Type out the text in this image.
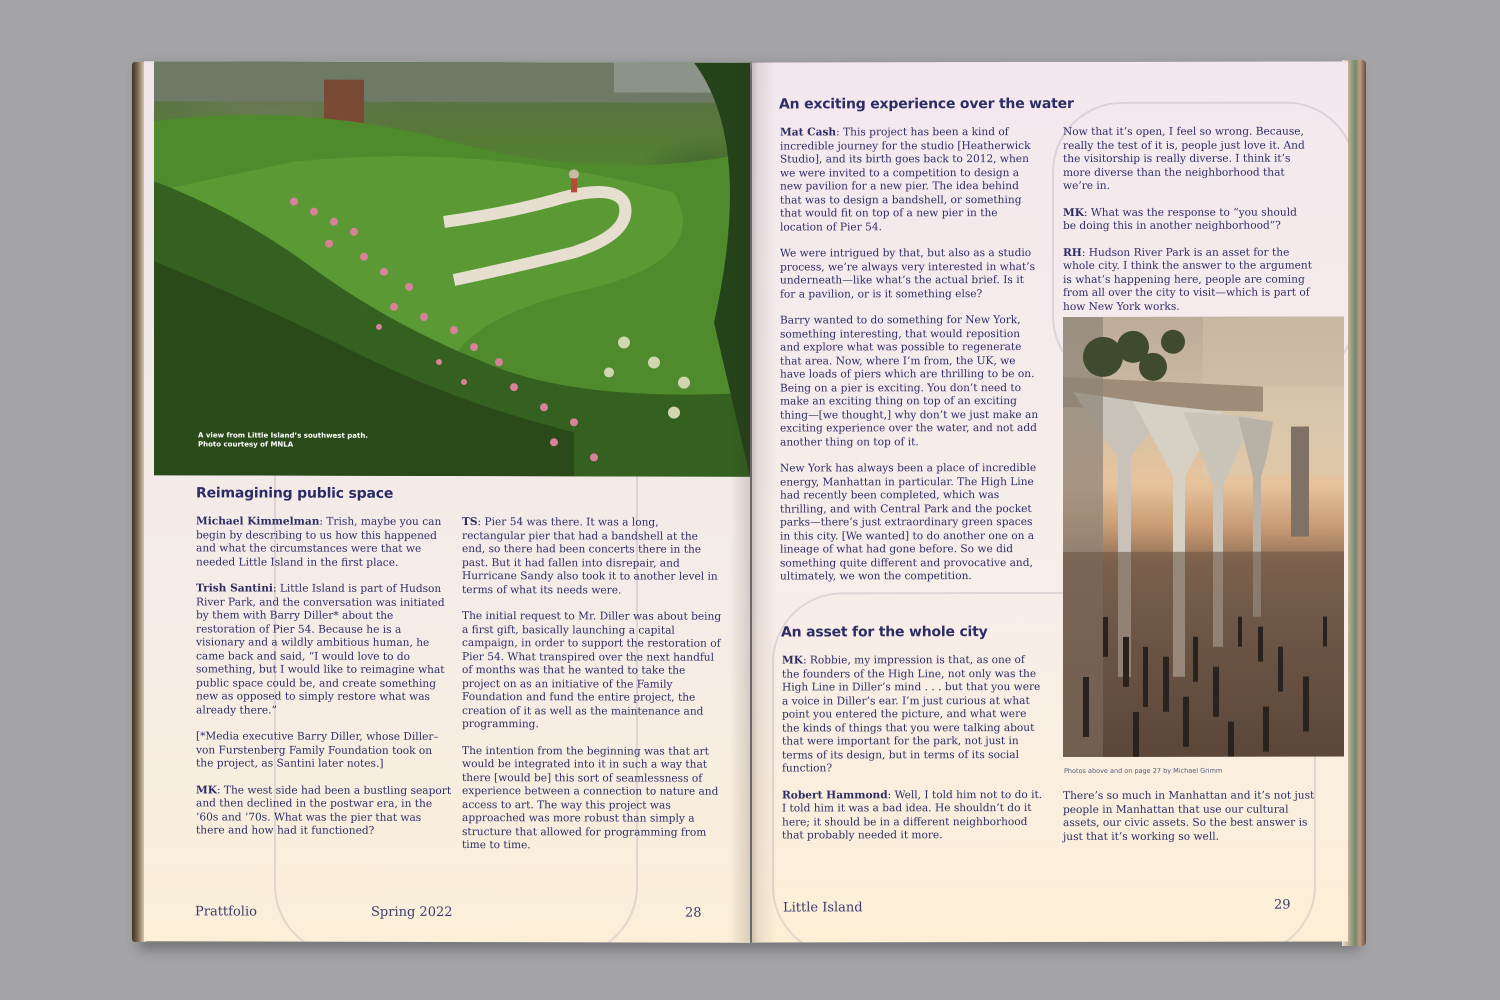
A view from Little Island’s southwest path.
Photo courtesy of MNLA
Reimagining public space

Michael Kimmelman: Trish, maybe you can begin by describing to us how this happened and what the circumstances were that we needed Little Island in the first place.

Trish Santini: Little Island is part of Hudson River Park, and the conversation was initiated by them with Barry Diller* about the restoration of Pier 54. Because he is a visionary and a wildly ambitious human, he came back and said, “I would love to do something, but I would like to reimagine what public space could be, and create something new as opposed to simply restore what was already there.”

[*Media executive Barry Diller, whose Diller–von Furstenberg Family Foundation took on the project, as Santini later notes.]

MK: The west side had been a bustling seaport and then declined in the postwar era, in the ’60s and ’70s. What was the pier that was there and how had it functioned?

TS: Pier 54 was there. It was a long, rectangular pier that had a bandshell at the end, so there had been concerts there in the past. But it had fallen into disrepair, and Hurricane Sandy also took it to another level in terms of what its needs were.

The initial request to Mr. Diller was about being a first gift, basically launching a capital campaign, in order to support the restoration of Pier 54. What transpired over the next handful of months was that he wanted to take the project on as an initiative of the Family Foundation and fund the entire project, the creation of it as well as the maintenance and programming.

The intention from the beginning was that art would be integrated into it in such a way that there [would be] this sort of seamlessness of experience between a connection to nature and access to art. The way this project was approached was more robust than simply a structure that allowed for programming from time to time.

Prattfolio	Spring 2022	28
An exciting experience over the water

Mat Cash: This project has been a kind of incredible journey for the studio [Heatherwick Studio], and its birth goes back to 2012, when we were invited to a competition to design a new pavilion for a new pier. The idea behind that was to design a bandshell, or something that would fit on top of a new pier in the location of Pier 54.

We were intrigued by that, but also as a studio process, we’re always very interested in what’s underneath—like what’s the actual brief. Is it for a pavilion, or is it something else?

Barry wanted to do something for New York, something interesting, that would reposition and explore what was possible to regenerate that area. Now, where I’m from, the UK, we have loads of piers which are thrilling to be on. Being on a pier is exciting. You don’t need to make an exciting thing on top of an exciting thing—[we thought,] why don’t we just make an exciting experience over the water, and not add another thing on top of it.

New York has always been a place of incredible energy, Manhattan in particular. The High Line had recently been completed, which was thrilling, and with Central Park and the pocket parks—there’s just extraordinary green spaces in this city. [We wanted] to do another one on a lineage of what had gone before. So we did something quite different and provocative and, ultimately, we won the competition.

An asset for the whole city

MK: Robbie, my impression is that, as one of the founders of the High Line, not only was the High Line in Diller’s mind . . . but that you were a voice in Diller’s ear. I’m just curious at what point you entered the picture, and what were the kinds of things that you were talking about that were important for the park, not just in terms of its design, but in terms of its social function?

Robert Hammond: Well, I told him not to do it. I told him it was a bad idea. He shouldn’t do it here; it should be in a different neighborhood that probably needed it more.

Now that it’s open, I feel so wrong. Because, really the test of it is, people just love it. And the visitorship is really diverse. I think it’s more diverse than the neighborhood that we’re in.

MK: What was the response to “you should be doing this in another neighborhood”?

RH: Hudson River Park is an asset for the whole city. I think the answer to the argument is what’s happening here, people are coming from all over the city to visit—which is part of how New York works.

Photos above and on page 27 by Michael Grimm

There’s so much in Manhattan and it’s not just people in Manhattan that use our cultural assets, our civic assets. So the best answer is just that it’s working so well.

Little Island	29
